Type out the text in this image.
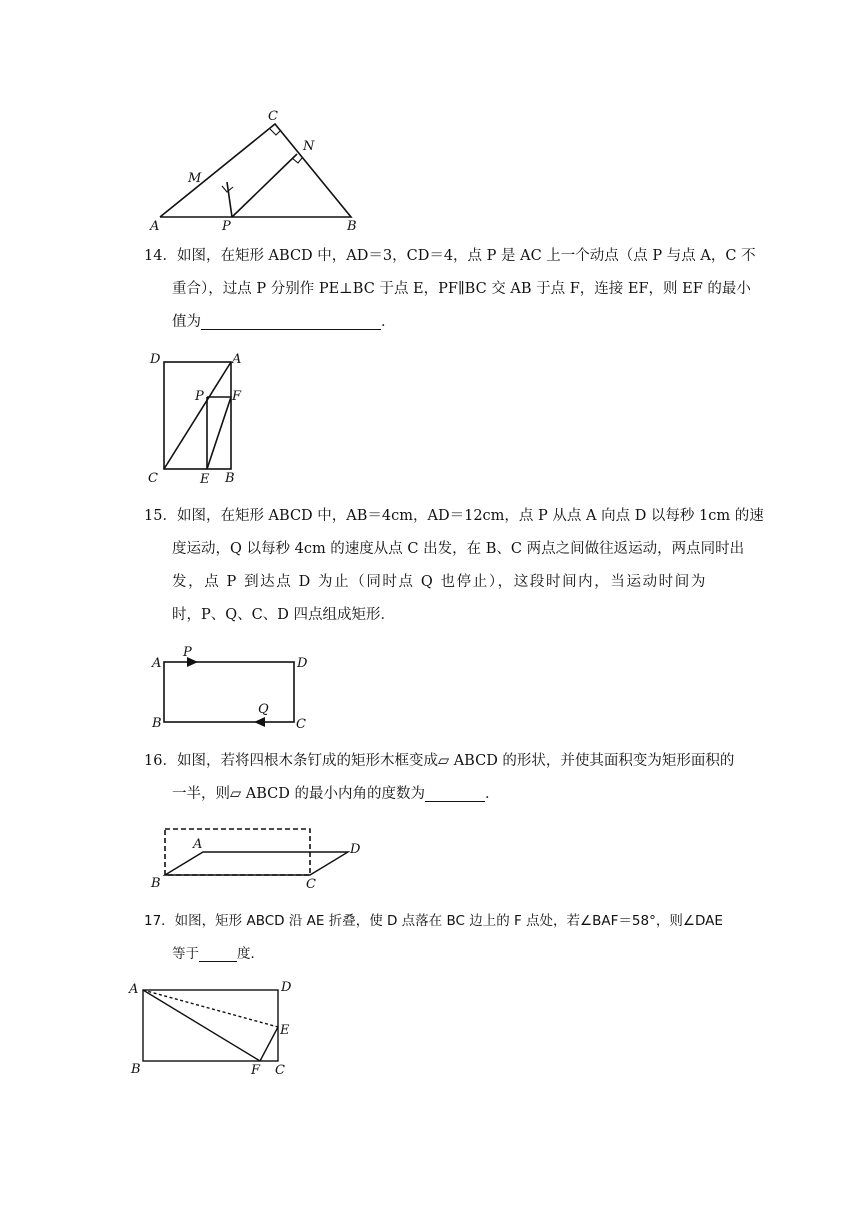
C
N
M
A	P	B
14．如图，在矩形 ABCD 中，AD＝3，CD＝4，点 P 是 AC 上一个动点（点 P 与点 A，C 不
重合），过点 P 分别作 PE⊥BC 于点 E，PF∥BC 交 AB 于点 F，连接 EF，则 EF 的最小
值为	．
D	A
P F
C	E B
15．如图，在矩形 ABCD 中，AB＝4cm，AD＝12cm，点 P 从点 A 向点 D 以每秒 1cm 的速
度运动，Q 以每秒 4cm 的速度从点 C 出发，在 B、C 两点之间做往返运动，两点同时出
发，点 P 到达点 D 为止（同时点 Q 也停止），这段时间内，当运动时间为
时，P、Q、C、D 四点组成矩形．
A
P
D
B
Q
C
16．如图，若将四根木条钉成的矩形木框变成▱ ABCD 的形状，并使其面积变为矩形面积的
一半，则▱ ABCD 的最小内角的度数为	．
A	D
B	C
17．如图，矩形 ABCD 沿 AE 折叠，使 D 点落在 BC 边上的 F 点处，若∠BAF＝58°，则∠DAE
等于	度．
A	D
E
B	F C
